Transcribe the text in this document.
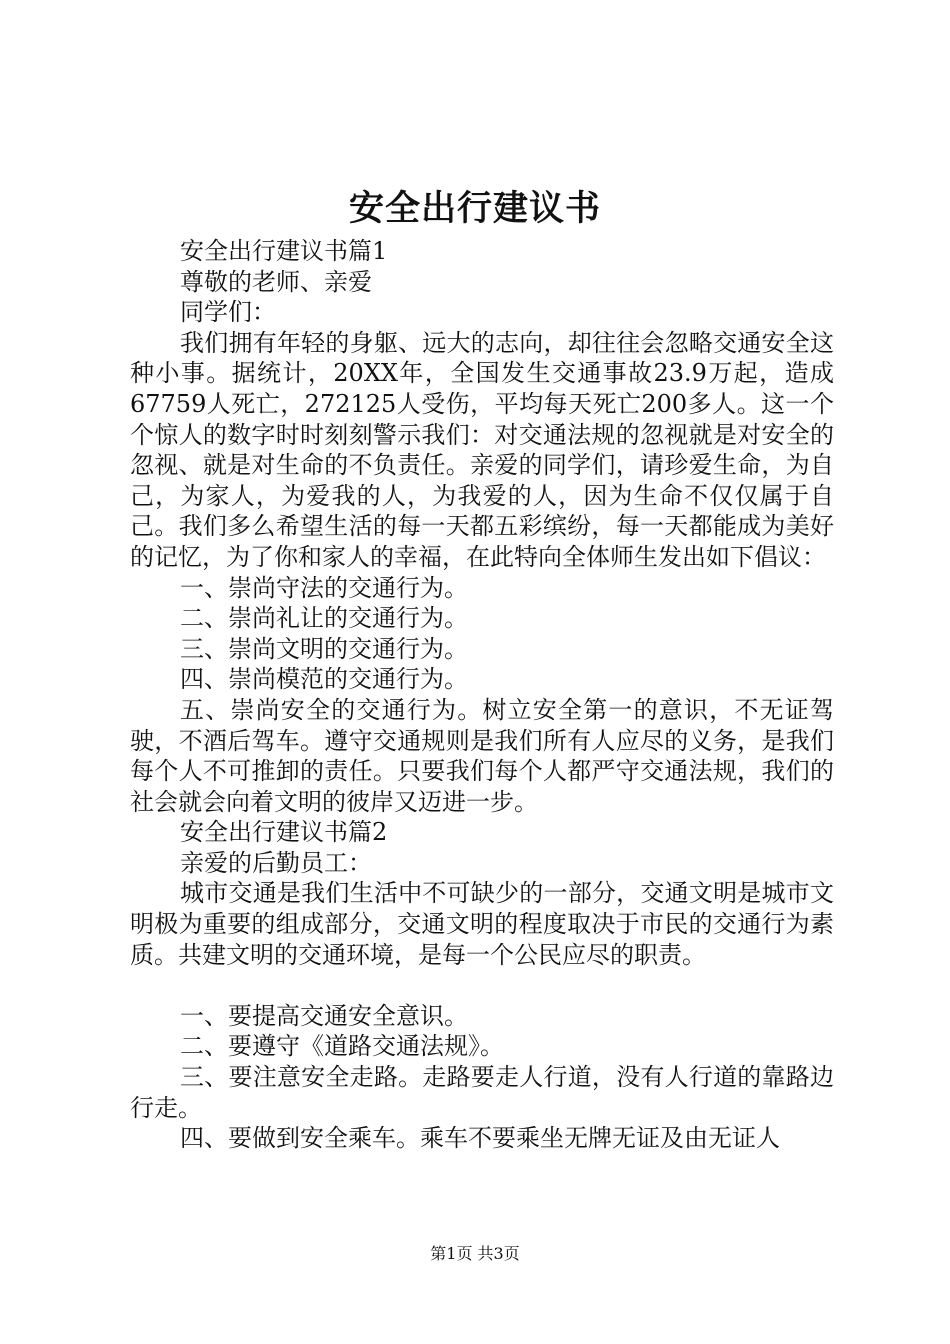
安全出行建议书

安全出行建议书篇1

尊敬的老师、亲爱

同学们：

我们拥有年轻的身躯、远大的志向，却往往会忽略交通安全这种小事。据统计，20XX年，全国发生交通事故23.9万起，造成67759人死亡，272125人受伤，平均每天死亡200多人。这一个个惊人的数字时时刻刻警示我们：对交通法规的忽视就是对安全的忽视、就是对生命的不负责任。亲爱的同学们，请珍爱生命，为自己，为家人，为爱我的人，为我爱的人，因为生命不仅仅属于自己。我们多么希望生活的每一天都五彩缤纷，每一天都能成为美好的记忆，为了你和家人的幸福，在此特向全体师生发出如下倡议：

一、崇尚守法的交通行为。

二、崇尚礼让的交通行为。

三、崇尚文明的交通行为。

四、崇尚模范的交通行为。

五、崇尚安全的交通行为。树立安全第一的意识，不无证驾驶，不酒后驾车。遵守交通规则是我们所有人应尽的义务，是我们每个人不可推卸的责任。只要我们每个人都严守交通法规，我们的社会就会向着文明的彼岸又迈进一步。

安全出行建议书篇2

亲爱的后勤员工：

城市交通是我们生活中不可缺少的一部分，交通文明是城市文明极为重要的组成部分，交通文明的程度取决于市民的交通行为素质。共建文明的交通环境，是每一个公民应尽的职责。

一、要提高交通安全意识。

二、要遵守《道路交通法规》。

三、要注意安全走路。走路要走人行道，没有人行道的靠路边行走。

四、要做到安全乘车。乘车不要乘坐无牌无证及由无证人

第1页 共3页
